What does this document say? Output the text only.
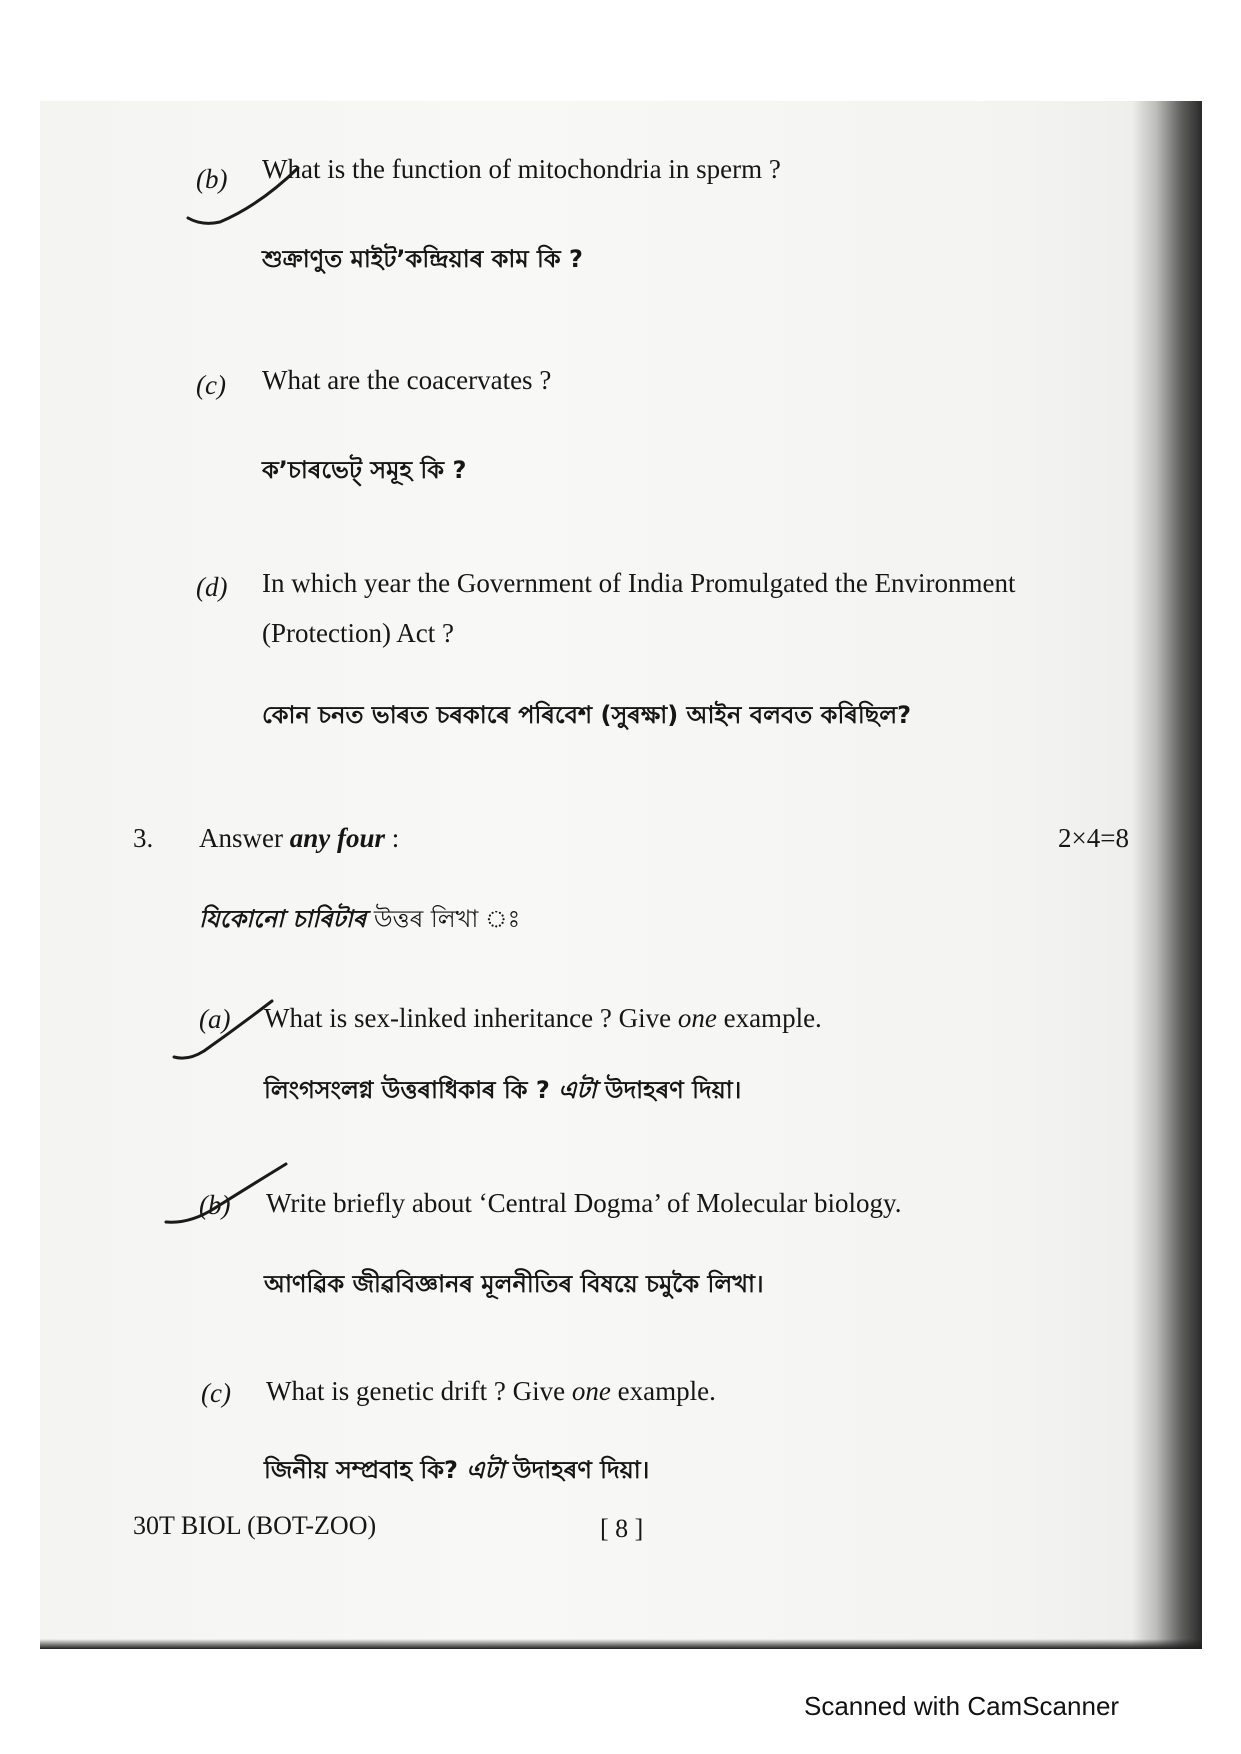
(b) What is the function of mitochondria in sperm ?
শুক্ৰাণুত মাইট’কন্দ্ৰিয়াৰ কাম কি ?
(c) What are the coacervates ?
ক’চাৰভেট্‌ সমূহ কি ?
(d) In which year the Government of India Promulgated the Environment
(Protection) Act ?
কোন চনত ভাৰত চৰকাৰে পৰিবেশ (সুৰক্ষা) আইন বলবত কৰিছিল?
3. Answer any four :	2×4=8
যিকোনো চাৰিটাৰ উত্তৰ লিখা ঃ
(a) What is sex-linked inheritance ? Give one example.
লিংগসংলগ্ন উত্তৰাধিকাৰ কি ? এটা উদাহৰণ দিয়া।
(b) Write briefly about ‘Central Dogma’ of Molecular biology.
আণৱিক জীৱবিজ্ঞানৰ মূলনীতিৰ বিষয়ে চমুকৈ লিখা।
(c) What is genetic drift ? Give one example.
জিনীয় সম্প্ৰবাহ কি? এটা উদাহৰণ দিয়া।
30T BIOL (BOT-ZOO)	[ 8 ]
Scanned with CamScanner
